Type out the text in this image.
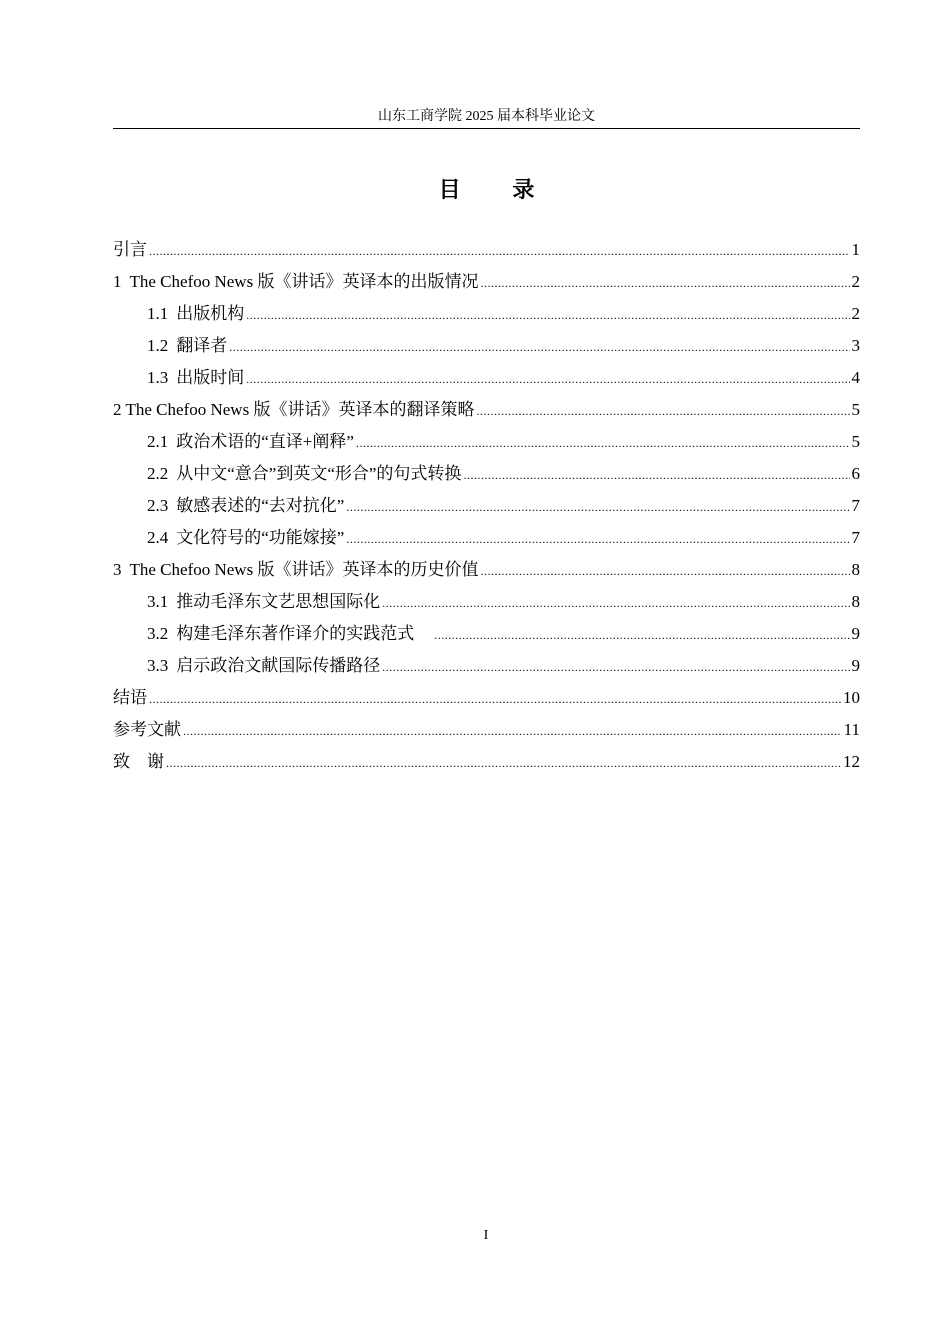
山东工商学院 2025 届本科毕业论文
目 录
引言 .....	1
1 The Chefoo News 版《讲话》英译本的出版情况 .....	2
1.1 出版机构 .....	2
1.2 翻译者 .....	3
1.3 出版时间 .....	4
2 The Chefoo News 版《讲话》英译本的翻译策略 .....	5
2.1 政治术语的“直译+阐释” .....	5
2.2 从中文“意合”到英文“形合”的句式转换 .....	6
2.3 敏感表述的“去对抗化” .....	7
2.4 文化符号的“功能嫁接” .....	7
3 The Chefoo News 版《讲话》英译本的历史价值 .....	8
3.1 推动毛泽东文艺思想国际化 .....	8
3.2 构建毛泽东著作译介的实践范式 .....	9
3.3 启示政治文献国际传播路径 .....	9
结语 .....	10
参考文献 .....	11
致　谢 .....	12
I
